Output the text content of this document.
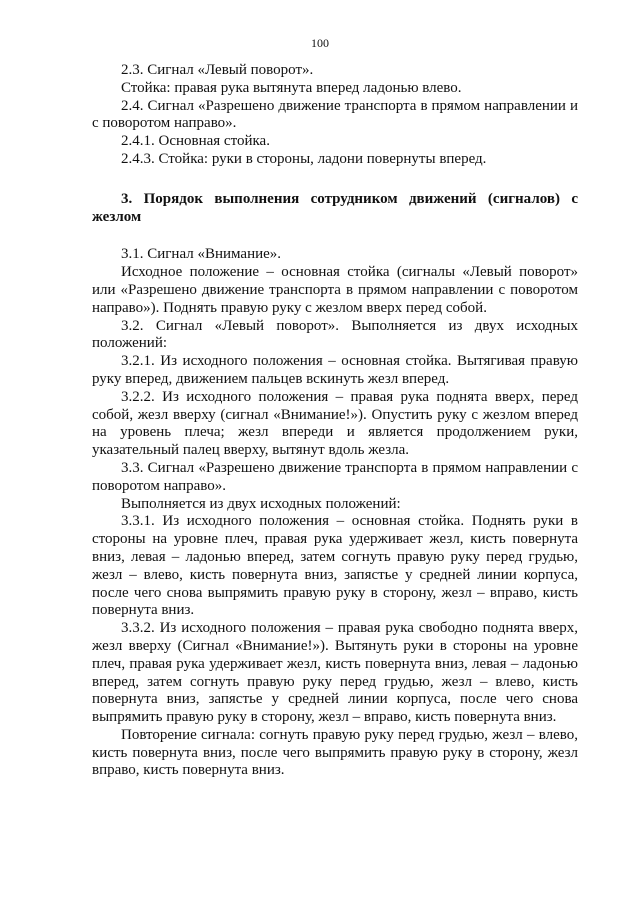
100

2.3. Сигнал «Левый поворот».

Стойка: правая рука вытянута вперед ладонью влево.

2.4. Сигнал «Разрешено движение транспорта в прямом направлении и с поворотом направо».

2.4.1. Основная стойка.

2.4.3. Стойка: руки в стороны, ладони повернуты вперед.

3. Порядок выполнения сотрудником движений (сигналов) с жезлом

3.1. Сигнал «Внимание».

Исходное положение – основная стойка (сигналы «Левый поворот» или «Разрешено движение транспорта в прямом направлении с поворотом направо»). Поднять правую руку с жезлом вверх перед собой.

3.2. Сигнал «Левый поворот». Выполняется из двух исходных положений:

3.2.1. Из исходного положения – основная стойка. Вытягивая правую руку вперед, движением пальцев вскинуть жезл вперед.

3.2.2. Из исходного положения – правая рука поднята вверх, перед собой, жезл вверху (сигнал «Внимание!»). Опустить руку с жезлом вперед на уровень плеча; жезл впереди и является продолжением руки, указательный палец вверху, вытянут вдоль жезла.

3.3. Сигнал «Разрешено движение транспорта в прямом направлении с поворотом направо».

Выполняется из двух исходных положений:

3.3.1. Из исходного положения – основная стойка. Поднять руки в стороны на уровне плеч, правая рука удерживает жезл, кисть повернута вниз, левая – ладонью вперед, затем согнуть правую руку перед грудью, жезл – влево, кисть повернута вниз, запястье у средней линии корпуса, после чего снова выпрямить правую руку в сторону, жезл – вправо, кисть повернута вниз.

3.3.2. Из исходного положения – правая рука свободно поднята вверх, жезл вверху (Сигнал «Внимание!»). Вытянуть руки в стороны на уровне плеч, правая рука удерживает жезл, кисть повернута вниз, левая – ладонью вперед, затем согнуть правую руку перед грудью, жезл – влево, кисть повернута вниз, запястье у средней линии корпуса, после чего снова выпрямить правую руку в сторону, жезл – вправо, кисть повернута вниз.

Повторение сигнала: согнуть правую руку перед грудью, жезл – влево, кисть повернута вниз, после чего выпрямить правую руку в сторону, жезл вправо, кисть повернута вниз.
